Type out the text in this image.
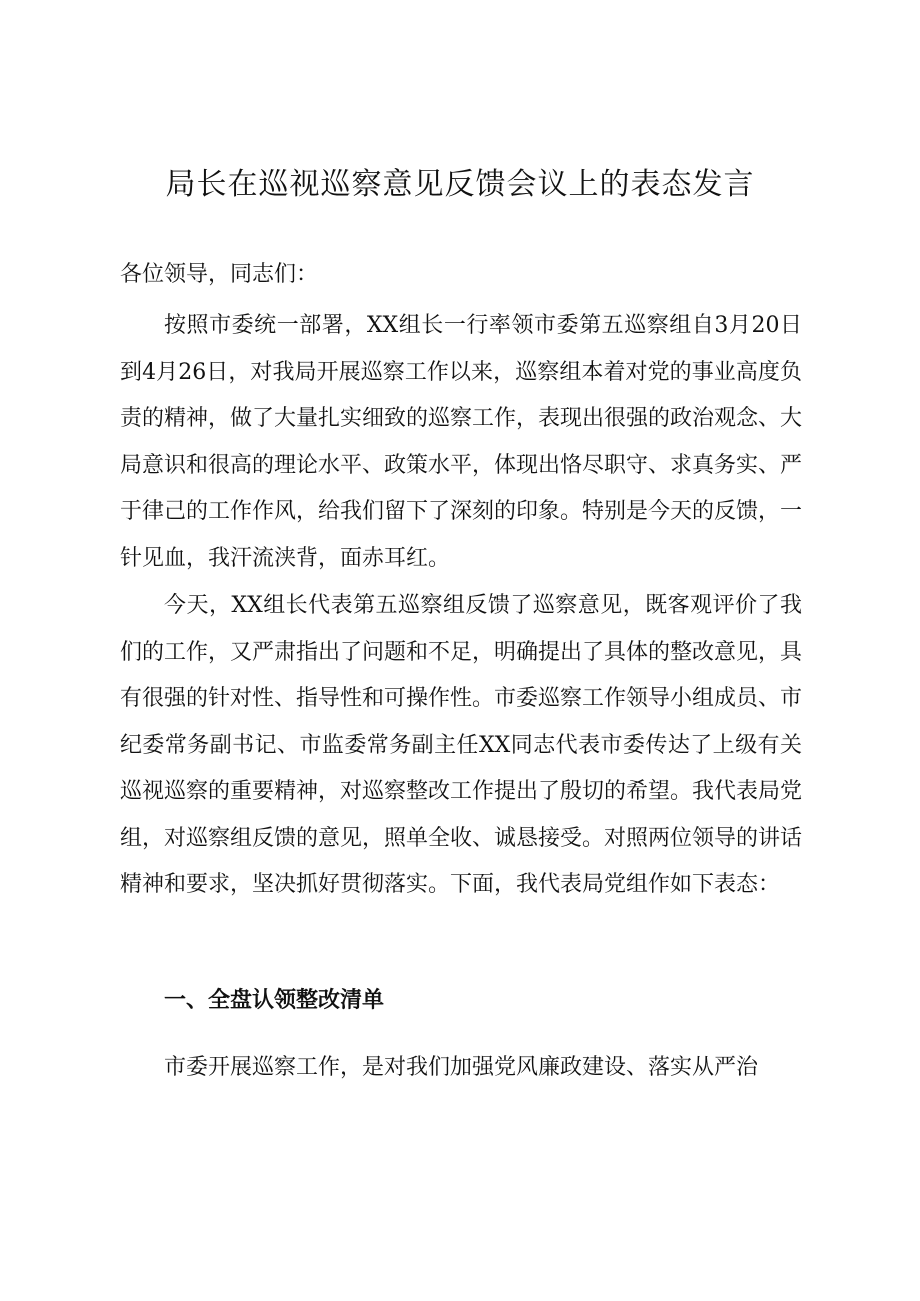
局长在巡视巡察意见反馈会议上的表态发言

各位领导，同志们：

按照市委统一部署，XX组长一行率领市委第五巡察组自3月20日到4月26日，对我局开展巡察工作以来，巡察组本着对党的事业高度负责的精神，做了大量扎实细致的巡察工作，表现出很强的政治观念、大局意识和很高的理论水平、政策水平，体现出恪尽职守、求真务实、严于律己的工作作风，给我们留下了深刻的印象。特别是今天的反馈，一针见血，我汗流浃背，面赤耳红。

今天，XX组长代表第五巡察组反馈了巡察意见，既客观评价了我们的工作，又严肃指出了问题和不足，明确提出了具体的整改意见，具有很强的针对性、指导性和可操作性。市委巡察工作领导小组成员、市纪委常务副书记、市监委常务副主任XX同志代表市委传达了上级有关巡视巡察的重要精神，对巡察整改工作提出了殷切的希望。我代表局党组，对巡察组反馈的意见，照单全收、诚恳接受。对照两位领导的讲话精神和要求，坚决抓好贯彻落实。下面，我代表局党组作如下表态：

一、全盘认领整改清单

市委开展巡察工作，是对我们加强党风廉政建设、落实从严治
